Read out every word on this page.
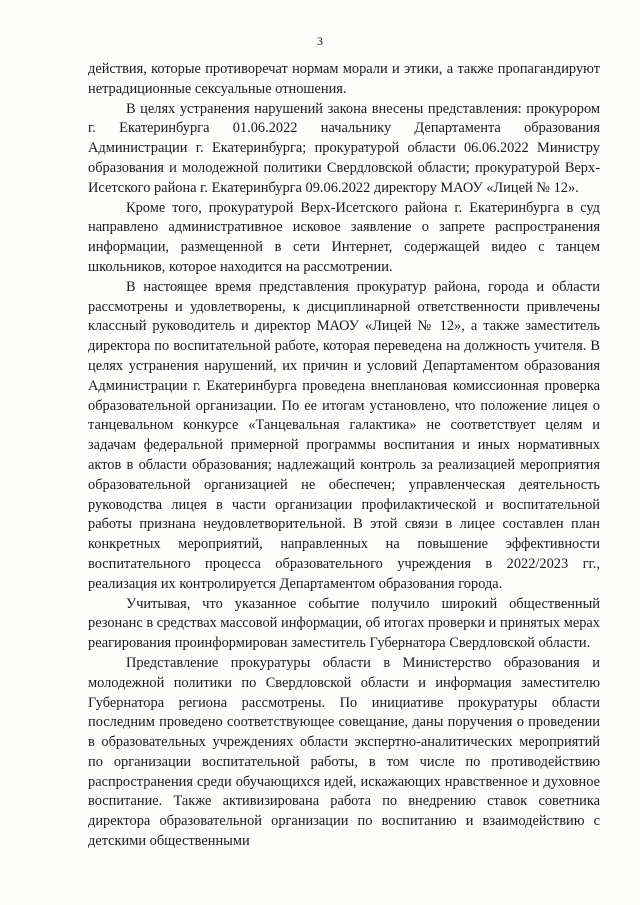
3

действия, которые противоречат нормам морали и этики, а также пропагандируют нетрадиционные сексуальные отношения.

В целях устранения нарушений закона внесены представления: прокурором г. Екатеринбурга 01.06.2022 начальнику Департамента образования Администрации г. Екатеринбурга; прокуратурой области 06.06.2022 Министру образования и молодежной политики Свердловской области; прокуратурой Верх-Исетского района г. Екатеринбурга 09.06.2022 директору МАОУ «Лицей № 12».

Кроме того, прокуратурой Верх-Исетского района г. Екатеринбурга в суд направлено административное исковое заявление о запрете распространения информации, размещенной в сети Интернет, содержащей видео с танцем школьников, которое находится на рассмотрении.

В настоящее время представления прокуратур района, города и области рассмотрены и удовлетворены, к дисциплинарной ответственности привлечены классный руководитель и директор МАОУ «Лицей № 12», а также заместитель директора по воспитательной работе, которая переведена на должность учителя. В целях устранения нарушений, их причин и условий Департаментом образования Администрации г. Екатеринбурга проведена внеплановая комиссионная проверка образовательной организации. По ее итогам установлено, что положение лицея о танцевальном конкурсе «Танцевальная галактика» не соответствует целям и задачам федеральной примерной программы воспитания и иных нормативных актов в области образования; надлежащий контроль за реализацией мероприятия образовательной организацией не обеспечен; управленческая деятельность руководства лицея в части организации профилактической и воспитательной работы признана неудовлетворительной. В этой связи в лицее составлен план конкретных мероприятий, направленных на повышение эффективности воспитательного процесса образовательного учреждения в 2022/2023 гг., реализация их контролируется Департаментом образования города.

Учитывая, что указанное событие получило широкий общественный резонанс в средствах массовой информации, об итогах проверки и принятых мерах реагирования проинформирован заместитель Губернатора Свердловской области.

Представление прокуратуры области в Министерство образования и молодежной политики по Свердловской области и информация заместителю Губернатора региона рассмотрены. По инициативе прокуратуры области последним проведено соответствующее совещание, даны поручения о проведении в образовательных учреждениях области экспертно-аналитических мероприятий по организации воспитательной работы, в том числе по противодействию распространения среди обучающихся идей, искажающих нравственное и духовное воспитание. Также активизирована работа по внедрению ставок советника директора образовательной организации по воспитанию и взаимодействию с детскими общественными
